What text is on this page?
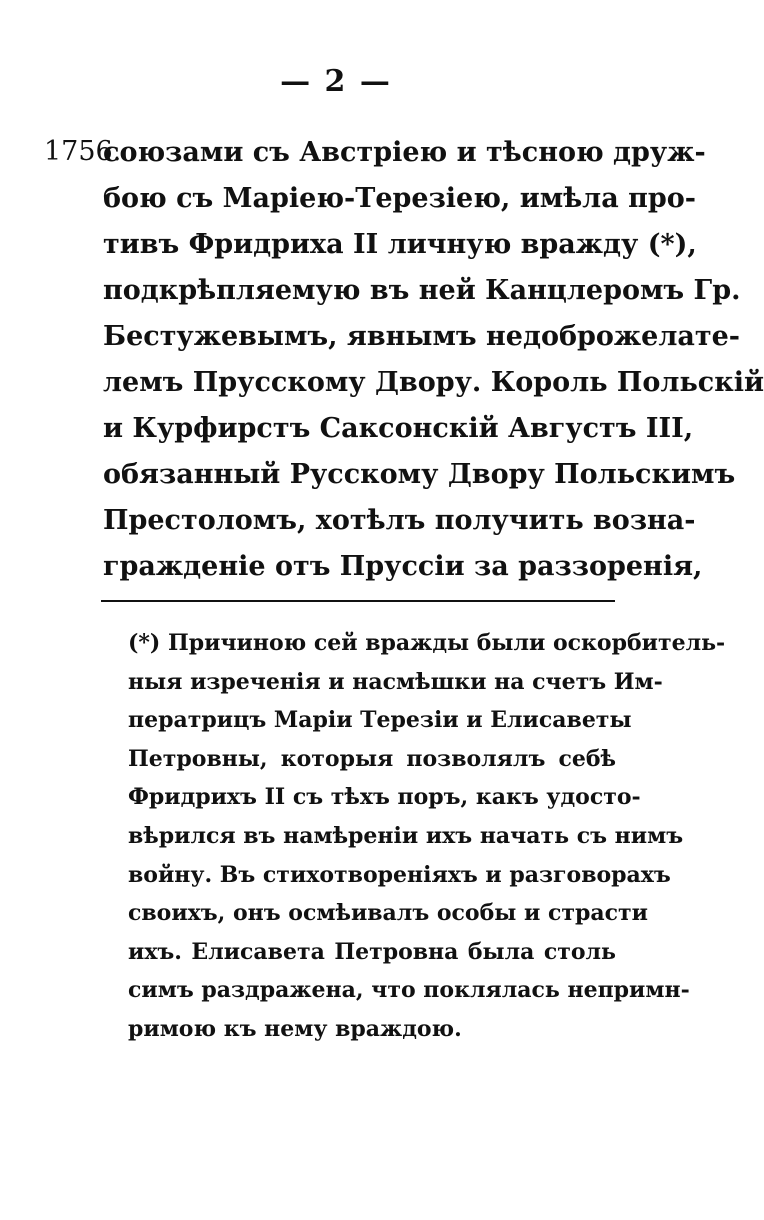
— 2 —
1756.
союзами съ Австріею и тѣсною друж-
бою съ Маріею-Терезіею, имѣла про-
тивъ Фридриха II личную вражду (*),
подкрѣпляемую въ ней Канцлеромъ Гр.
Бестужевымъ, явнымъ недоброжелате-
лемъ Прусскому Двору. Король Польскій
и Курфирстъ Саксонскій Августъ III,
обязанный Русскому Двору Польскимъ
Престоломъ, хотѣлъ получить возна-
гражденіе отъ Пруссіи за раззоренія,
(*) Причиною сей вражды были оскорбитель-
ныя изреченія и насмѣшки на счетъ Им-
ператрицъ Маріи Терезіи и Елисаветы
Петровны, которыя позволялъ себѣ
Фридрихъ II съ тѣхъ поръ, какъ удосто-
вѣрился въ намѣреніи ихъ начать съ нимъ
войну. Въ стихотвореніяхъ и разговорахъ
своихъ, онъ осмѣивалъ особы и страсти
ихъ. Елисавета Петровна была столь
симъ раздражена, что поклялась непримн-
римою къ нему враждою.
